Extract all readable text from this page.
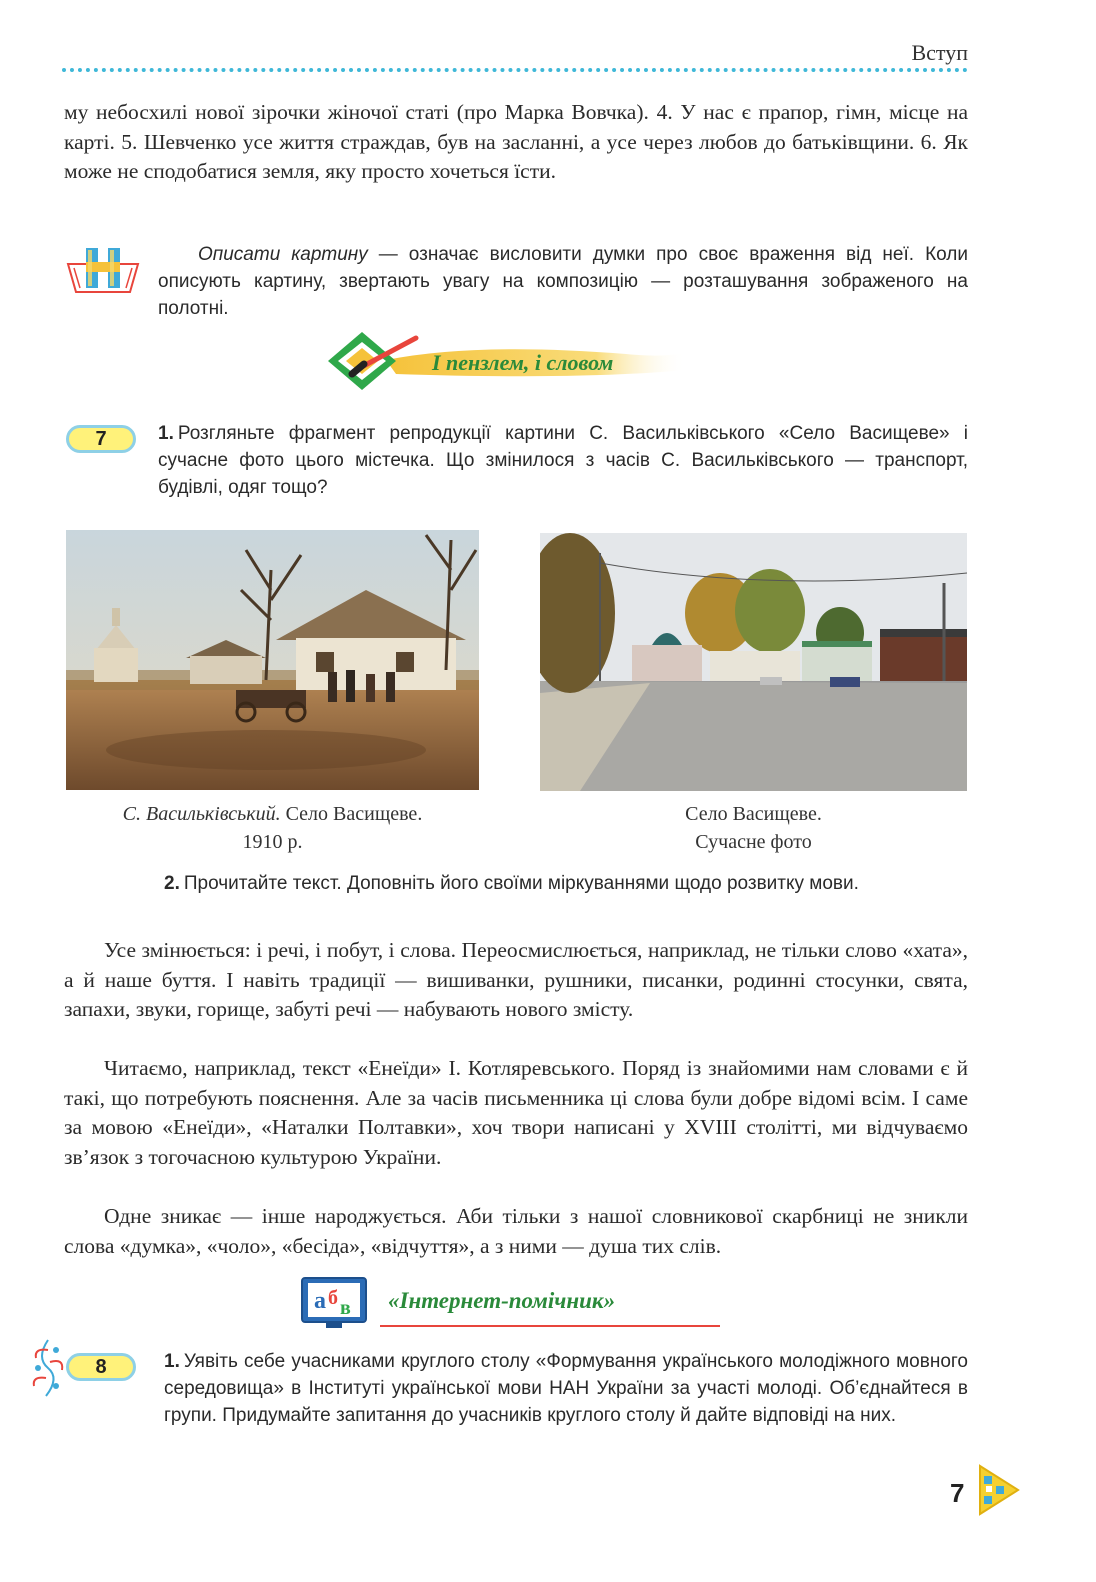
Вступ
му небосхилі нової зірочки жіночої статі (про Марка Вовчка). 4. У нас є прапор, гімн, місце на карті. 5. Шевченко усе життя страждав, був на засланні, а усе через любов до батьківщини. 6. Як може не сподобатися земля, яку просто хочеться їсти.
Описати картину — означає висловити думки про своє враження від неї. Коли описують картину, звертають увагу на композицію — розташування зображеного на полотні.
І пензлем, і словом
7	1. Розгляньте фрагмент репродукції картини С. Васильківського «Село Васищеве» і сучасне фото цього містечка. Що змінилося з часів С. Васильківського — транспорт, будівлі, одяг тощо?
С. Васильківський. Село Васищеве.
1910 р.
Село Васищеве.
Сучасне фото
2. Прочитайте текст. Доповніть його своїми міркуваннями щодо розвитку мови.
Усе змінюється: і речі, і побут, і слова. Переосмислюється, наприклад, не тільки слово «хата», а й наше буття. І навіть традиції — вишиванки, рушники, писанки, родинні стосунки, свята, запахи, звуки, горище, забуті речі — набувають нового змісту.
Читаємо, наприклад, текст «Енеїди» І. Котляревського. Поряд із знайомими нам словами є й такі, що потребують пояснення. Але за часів письменника ці слова були добре відомі всім. І саме за мовою «Енеїди», «Наталки Полтавки», хоч твори написані у XVIII столітті, ми відчуваємо зв’язок з тогочасною культурою України.
Одне зникає — інше народжується. Аби тільки з нашої словникової скарбниці не зникли слова «думка», «чоло», «бесіда», «відчуття», а з ними — душа тих слів.
а б в «Інтернет-помічник»
8	1. Уявіть себе учасниками круглого столу «Формування українського молодіжного мовного середовища» в Інституті української мови НАН України за участі молоді. Об’єднайтеся в групи. Придумайте запитання до учасників круглого столу й дайте відповіді на них.
7
